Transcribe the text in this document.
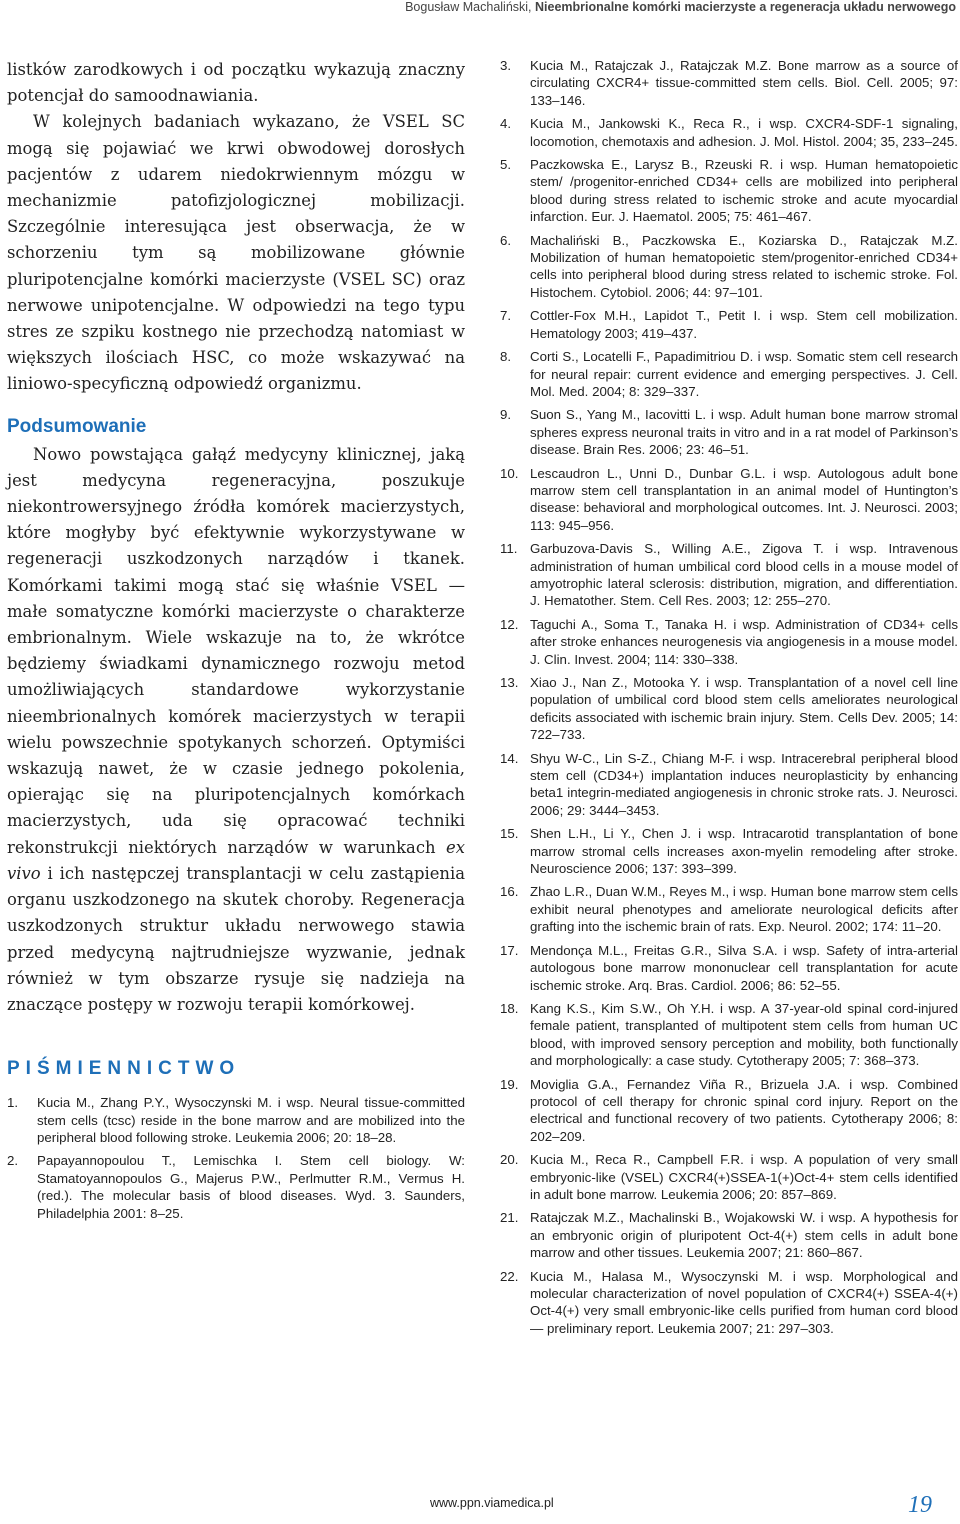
Bogusław Machaliński, Nieembrionalne komórki macierzyste a regeneracja układu nerwowego

listków zarodkowych i od początku wykazują znaczny potencjał do samoodnawiania.

W kolejnych badaniach wykazano, że VSEL SC mogą się pojawiać we krwi obwodowej dorosłych pacjentów z udarem niedokrwiennym mózgu w mechanizmie patofizjologicznej mobilizacji. Szczególnie interesująca jest obserwacja, że w schorzeniu tym są mobilizowane głównie pluripotencjalne komórki macierzyste (VSEL SC) oraz nerwowe unipotencjalne. W odpowiedzi na tego typu stres ze szpiku kostnego nie przechodzą natomiast w większych ilościach HSC, co może wskazywać na liniowo-specyficzną odpowiedź organizmu.

Podsumowanie

Nowo powstająca gałąź medycyny klinicznej, jaką jest medycyna regeneracyjna, poszukuje niekontrowersyjnego źródła komórek macierzystych, które mogłyby być efektywnie wykorzystywane w regeneracji uszkodzonych narządów i tkanek. Komórkami takimi mogą stać się właśnie VSEL — małe somatyczne komórki macierzyste o charakterze embrionalnym. Wiele wskazuje na to, że wkrótce będziemy świadkami dynamicznego rozwoju metod umożliwiających standardowe wykorzystanie nieembrionalnych komórek macierzystych w terapii wielu powszechnie spotykanych schorzeń. Optymiści wskazują nawet, że w czasie jednego pokolenia, opierając się na pluripotencjalnych komórkach macierzystych, uda się opracować techniki rekonstrukcji niektórych narządów w warunkach ex vivo i ich następczej transplantacji w celu zastąpienia organu uszkodzonego na skutek choroby. Regeneracja uszkodzonych struktur układu nerwowego stawia przed medycyną najtrudniejsze wyzwanie, jednak również w tym obszarze rysuje się nadzieja na znaczące postępy w rozwoju terapii komórkowej.

PIŚMIENNICTWO
1. Kucia M., Zhang P.Y., Wysoczynski M. i wsp. Neural tissue-committed stem cells (tcsc) reside in the bone marrow and are mobilized into the peripheral blood following stroke. Leukemia 2006; 20: 18–28.
2. Papayannopoulou T., Lemischka I. Stem cell biology. W: Stamatoyannopoulos G., Majerus P.W., Perlmutter R.M., Vermus H. (red.). The molecular basis of blood diseases. Wyd. 3. Saunders, Philadelphia 2001: 8–25.
3. Kucia M., Ratajczak J., Ratajczak M.Z. Bone marrow as a source of circulating CXCR4+ tissue-committed stem cells. Biol. Cell. 2005; 97: 133–146.
4. Kucia M., Jankowski K., Reca R., i wsp. CXCR4-SDF-1 signaling, locomotion, chemotaxis and adhesion. J. Mol. Histol. 2004; 35, 233–245.
5. Paczkowska E., Larysz B., Rzeuski R. i wsp. Human hematopoietic stem/ /progenitor-enriched CD34+ cells are mobilized into peripheral blood during stress related to ischemic stroke and acute myocardial infarction. Eur. J. Haematol. 2005; 75: 461–467.
6. Machaliński B., Paczkowska E., Koziarska D., Ratajczak M.Z. Mobilization of human hematopoietic stem/progenitor-enriched CD34+ cells into peripheral blood during stress related to ischemic stroke. Fol. Histochem. Cytobiol. 2006; 44: 97–101.
7. Cottler-Fox M.H., Lapidot T., Petit I. i wsp. Stem cell mobilization. Hematology 2003; 419–437.
8. Corti S., Locatelli F., Papadimitriou D. i wsp. Somatic stem cell research for neural repair: current evidence and emerging perspectives. J. Cell. Mol. Med. 2004; 8: 329–337.
9. Suon S., Yang M., Iacovitti L. i wsp. Adult human bone marrow stromal spheres express neuronal traits in vitro and in a rat model of Parkinson’s disease. Brain Res. 2006; 23: 46–51.
10. Lescaudron L., Unni D., Dunbar G.L. i wsp. Autologous adult bone marrow stem cell transplantation in an animal model of Huntington’s disease: behavioral and morphological outcomes. Int. J. Neurosci. 2003; 113: 945–956.
11. Garbuzova-Davis S., Willing A.E., Zigova T. i wsp. Intravenous administration of human umbilical cord blood cells in a mouse model of amyotrophic lateral sclerosis: distribution, migration, and differentiation. J. Hematother. Stem. Cell Res. 2003; 12: 255–270.
12. Taguchi A., Soma T., Tanaka H. i wsp. Administration of CD34+ cells after stroke enhances neurogenesis via angiogenesis in a mouse model. J. Clin. Invest. 2004; 114: 330–338.
13. Xiao J., Nan Z., Motooka Y. i wsp. Transplantation of a novel cell line population of umbilical cord blood stem cells ameliorates neurological deficits associated with ischemic brain injury. Stem. Cells Dev. 2005; 14: 722–733.
14. Shyu W-C., Lin S-Z., Chiang M-F. i wsp. Intracerebral peripheral blood stem cell (CD34+) implantation induces neuroplasticity by enhancing beta1 integrin-mediated angiogenesis in chronic stroke rats. J. Neurosci. 2006; 29: 3444–3453.
15. Shen L.H., Li Y., Chen J. i wsp. Intracarotid transplantation of bone marrow stromal cells increases axon-myelin remodeling after stroke. Neuroscience 2006; 137: 393–399.
16. Zhao L.R., Duan W.M., Reyes M., i wsp. Human bone marrow stem cells exhibit neural phenotypes and ameliorate neurological deficits after grafting into the ischemic brain of rats. Exp. Neurol. 2002; 174: 11–20.
17. Mendonça M.L., Freitas G.R., Silva S.A. i wsp. Safety of intra-arterial autologous bone marrow mononuclear cell transplantation for acute ischemic stroke. Arq. Bras. Cardiol. 2006; 86: 52–55.
18. Kang K.S., Kim S.W., Oh Y.H. i wsp. A 37-year-old spinal cord-injured female patient, transplanted of multipotent stem cells from human UC blood, with improved sensory perception and mobility, both functionally and morphologically: a case study. Cytotherapy 2005; 7: 368–373.
19. Moviglia G.A., Fernandez Viña R., Brizuela J.A. i wsp. Combined protocol of cell therapy for chronic spinal cord injury. Report on the electrical and functional recovery of two patients. Cytotherapy 2006; 8: 202–209.
20. Kucia M., Reca R., Campbell F.R. i wsp. A population of very small embryonic-like (VSEL) CXCR4(+)SSEA-1(+)Oct-4+ stem cells identified in adult bone marrow. Leukemia 2006; 20: 857–869.
21. Ratajczak M.Z., Machalinski B., Wojakowski W. i wsp. A hypothesis for an embryonic origin of pluripotent Oct-4(+) stem cells in adult bone marrow and other tissues. Leukemia 2007; 21: 860–867.
22. Kucia M., Halasa M., Wysoczynski M. i wsp. Morphological and molecular characterization of novel population of CXCR4(+) SSEA-4(+) Oct-4(+) very small embryonic-like cells purified from human cord blood — preliminary report. Leukemia 2007; 21: 297–303.
www.ppn.viamedica.pl	19
